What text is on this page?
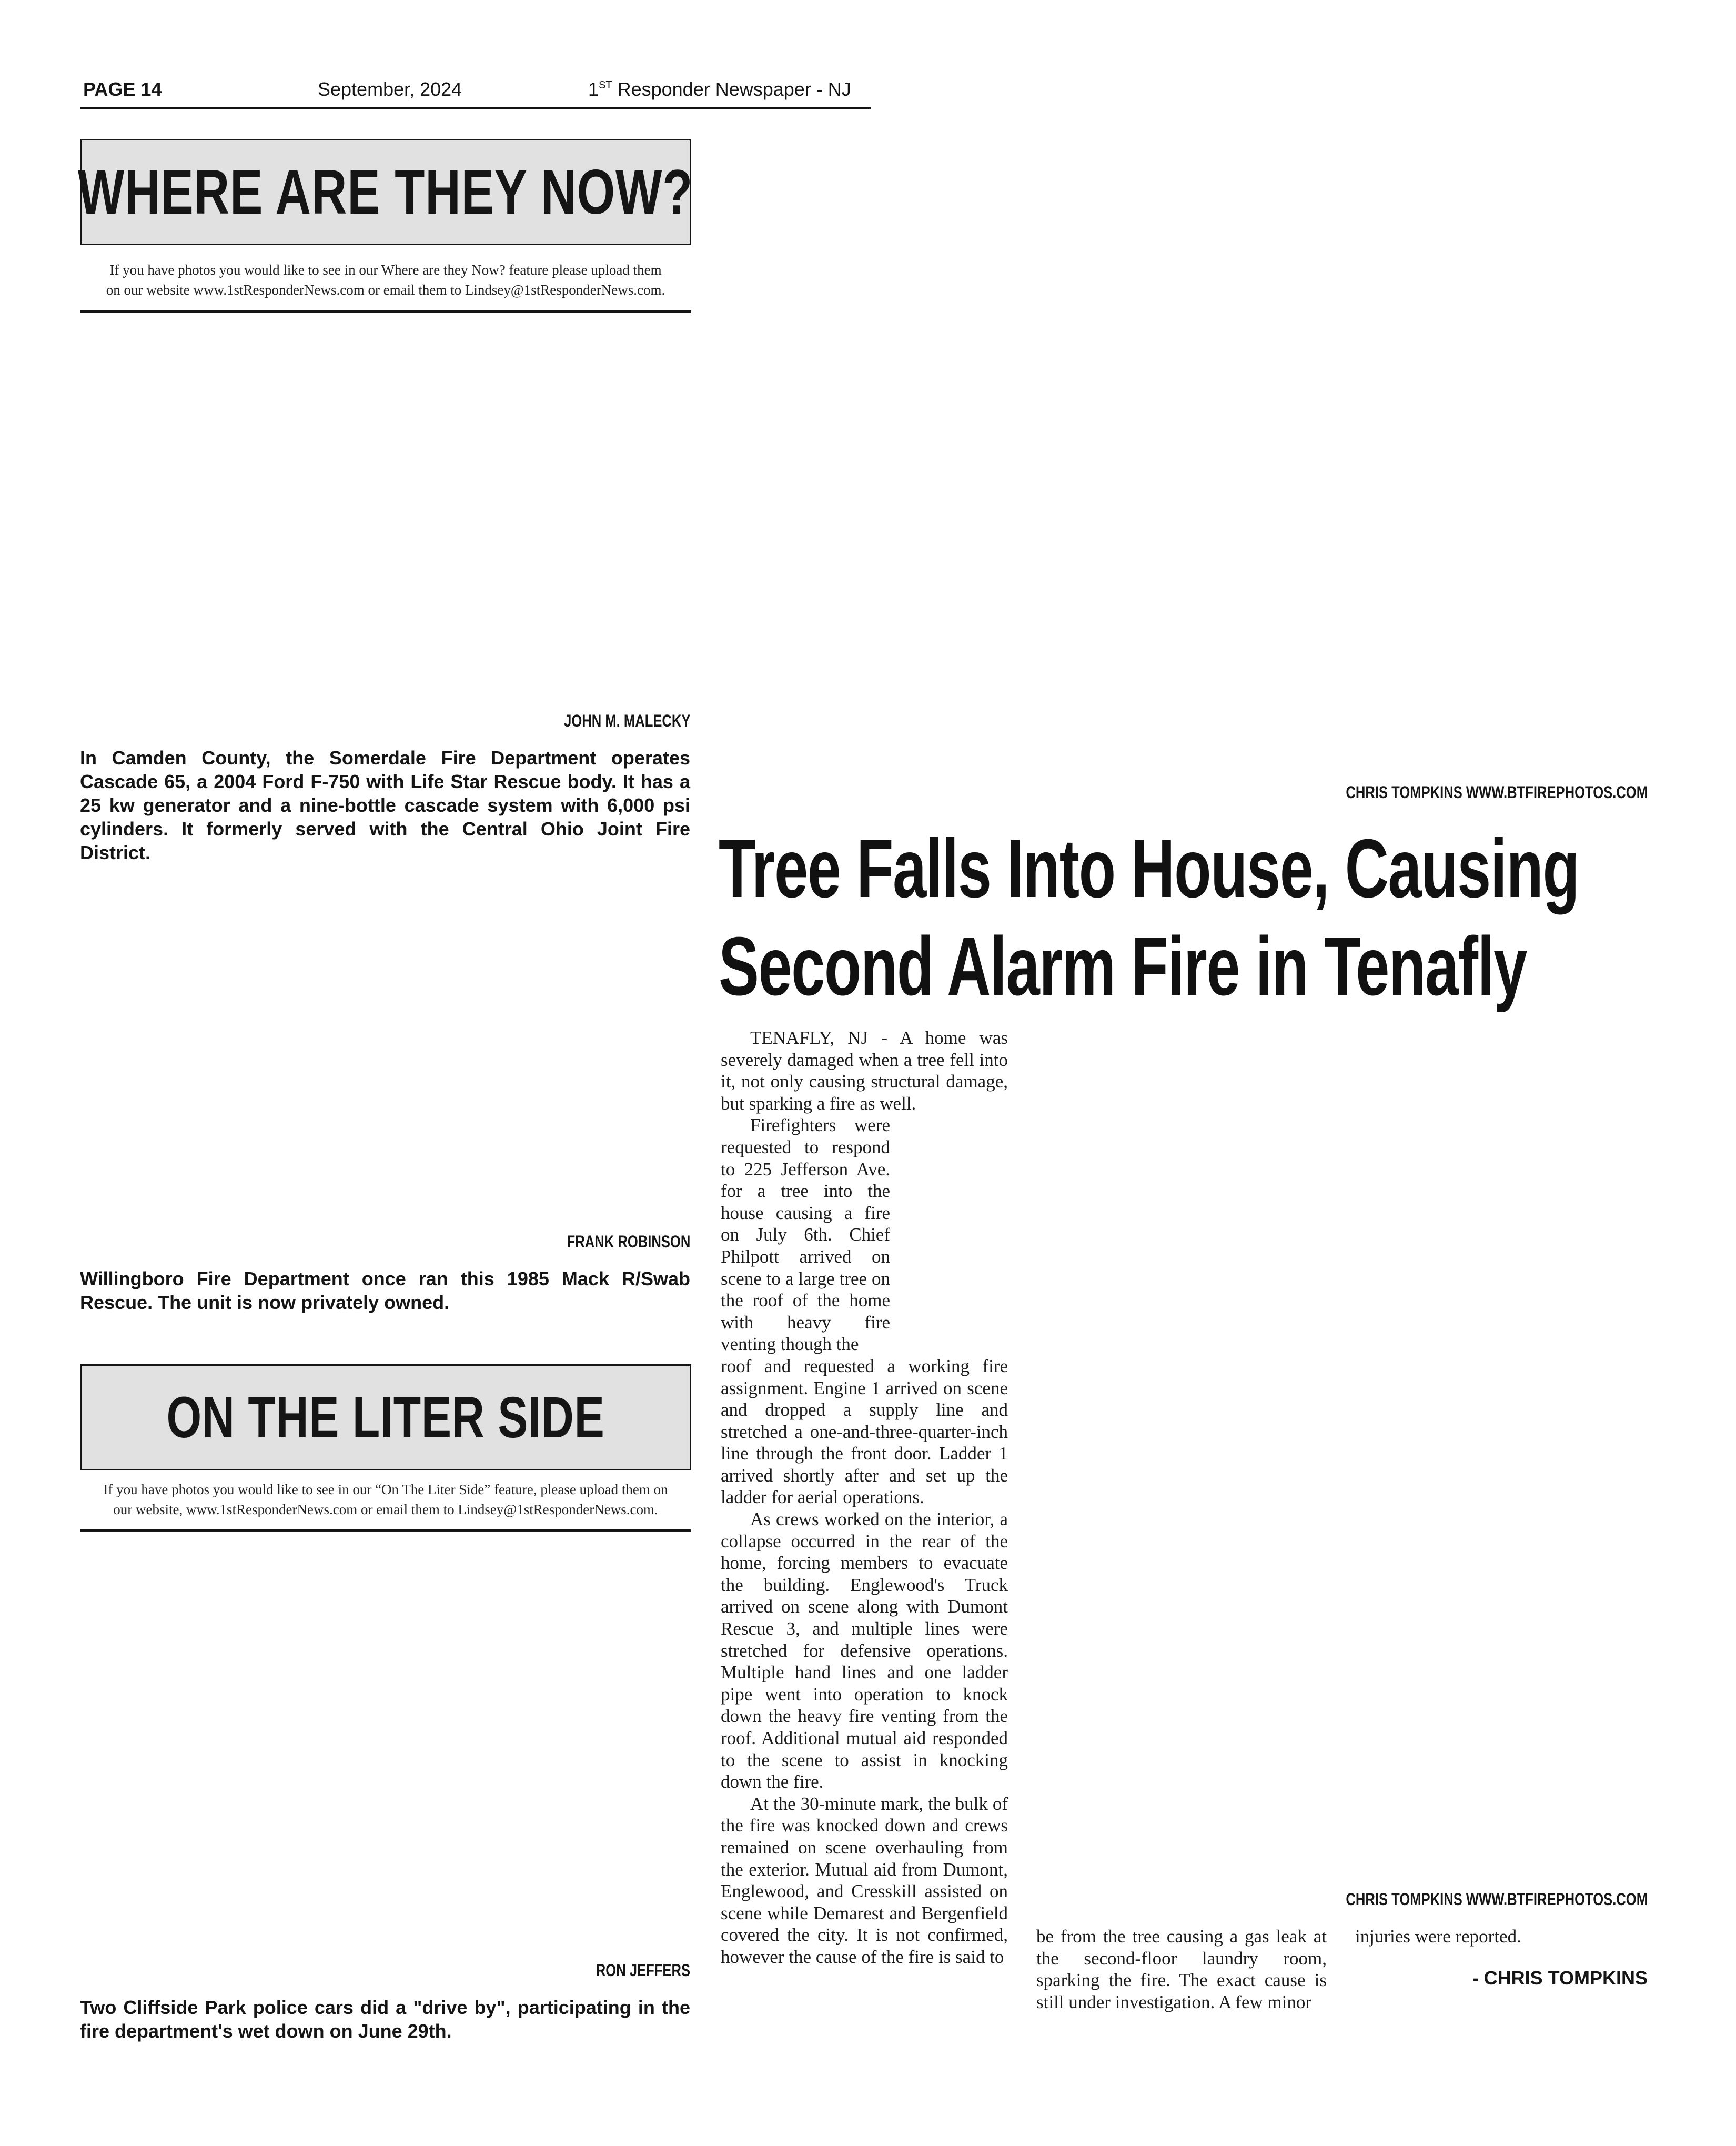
PAGE 14	September, 2024	1ST Responder Newspaper - NJ
WHERE ARE THEY NOW?
If you have photos you would like to see in our Where are they Now? feature please upload them
on our website www.1stResponderNews.com or email them to Lindsey@1stResponderNews.com.
JOHN M. MALECKY
In Camden County, the Somerdale Fire Department operates Cascade 65, a 2004 Ford F-750 with Life Star Rescue body. It has a 25 kw generator and a nine-bottle cascade system with 6,000 psi cylinders. It formerly served with the Central Ohio Joint Fire District.
FRANK ROBINSON
Willingboro Fire Department once ran this 1985 Mack R/Swab Rescue. The unit is now privately owned.
ON THE LITER SIDE
If you have photos you would like to see in our “On The Liter Side” feature, please upload them on
our website, www.1stResponderNews.com or email them to Lindsey@1stResponderNews.com.
RON JEFFERS
Two Cliffside Park police cars did a "drive by", participating in the fire department's wet down on June 29th.
CHRIS TOMPKINS WWW.BTFIREPHOTOS.COM
Tree Falls Into House, Causing
Second Alarm Fire in Tenafly

TENAFLY, NJ - A home was severely damaged when a tree fell into it, not only causing structural damage, but sparking a fire as well.

Firefighters were requested to respond to 225 Jefferson Ave. for a tree into the house causing a fire on July 6th. Chief Philpott arrived on scene to a large tree on the roof of the home with heavy fire venting though the

roof and requested a working fire assignment. Engine 1 arrived on scene and dropped a supply line and stretched a one-and-three-quarter-inch line through the front door. Ladder 1 arrived shortly after and set up the ladder for aerial operations.

As crews worked on the interior, a collapse occurred in the rear of the home, forcing members to evacuate the building. Englewood's Truck arrived on scene along with Dumont Rescue 3, and multiple lines were stretched for defensive operations. Multiple hand lines and one ladder pipe went into operation to knock down the heavy fire venting from the roof. Additional mutual aid responded to the scene to assist in knocking down the fire.

At the 30-minute mark, the bulk of the fire was knocked down and crews remained on scene overhauling from the exterior. Mutual aid from Dumont, Englewood, and Cresskill assisted on scene while Demarest and Bergenfield covered the city. It is not confirmed, however the cause of the fire is said to

CHRIS TOMPKINS WWW.BTFIREPHOTOS.COM

be from the tree causing a gas leak at the second-floor laundry room, sparking the fire. The exact cause is still under investigation. A few minor

injuries were reported.

- CHRIS TOMPKINS
